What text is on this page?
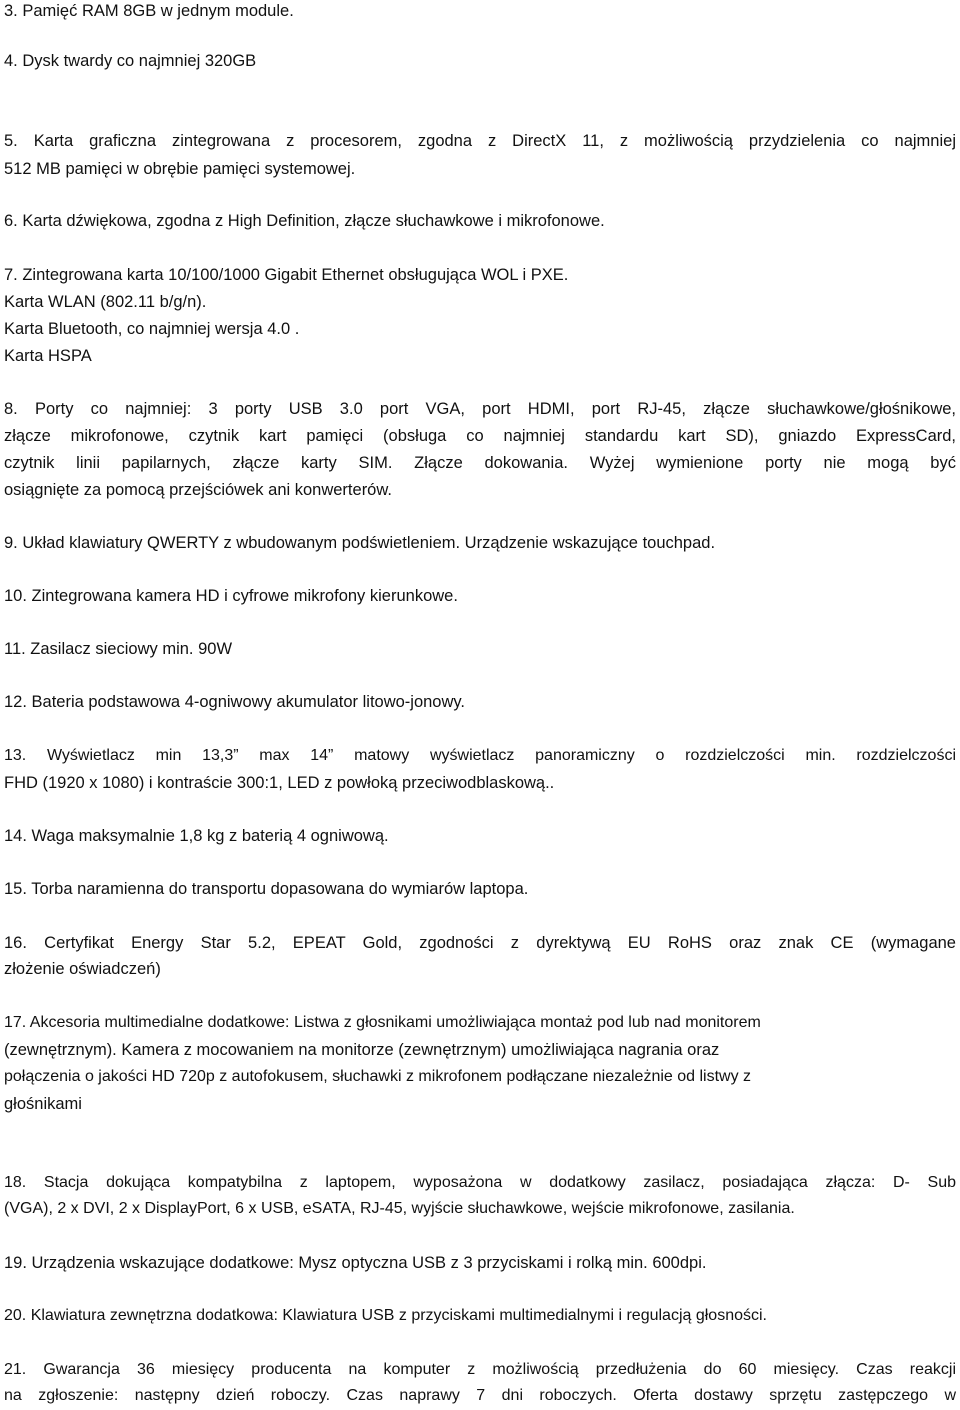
3. Pamięć RAM 8GB w jednym module.
4. Dysk twardy co najmniej 320GB
5. Karta graficzna zintegrowana z procesorem, zgodna z DirectX 11, z możliwością przydzielenia co najmniej
512 MB pamięci w obrębie pamięci systemowej.
6. Karta dźwiękowa, zgodna z High Definition, złącze słuchawkowe i mikrofonowe.
7. Zintegrowana karta 10/100/1000 Gigabit Ethernet obsługująca WOL i PXE.
Karta WLAN (802.11 b/g/n).
Karta Bluetooth, co najmniej wersja 4.0 .
Karta HSPA
8. Porty co najmniej: 3 porty USB 3.0 port VGA, port HDMI, port RJ-45, złącze słuchawkowe/głośnikowe,
złącze mikrofonowe, czytnik kart pamięci (obsługa co najmniej standardu kart SD), gniazdo ExpressCard,
czytnik linii papilarnych, złącze karty SIM. Złącze dokowania. Wyżej wymienione porty nie mogą być
osiągnięte za pomocą przejściówek ani konwerterów.
9. Układ klawiatury QWERTY z wbudowanym podświetleniem. Urządzenie wskazujące touchpad.
10. Zintegrowana kamera HD i cyfrowe mikrofony kierunkowe.
11. Zasilacz sieciowy min. 90W
12. Bateria podstawowa 4-ogniwowy akumulator litowo-jonowy.
13. Wyświetlacz min 13,3” max 14” matowy wyświetlacz panoramiczny o rozdzielczości min. rozdzielczości
FHD (1920 x 1080) i kontraście 300:1, LED z powłoką przeciwodblaskową..
14. Waga maksymalnie 1,8 kg z baterią 4 ogniwową.
15. Torba naramienna do transportu dopasowana do wymiarów laptopa.
16. Certyfikat Energy Star 5.2, EPEAT Gold, zgodności z dyrektywą EU RoHS oraz znak CE (wymagane
złożenie oświadczeń)
17. Akcesoria multimedialne dodatkowe: Listwa z głosnikami umożliwiająca montaż pod lub nad monitorem
(zewnętrznym). Kamera z mocowaniem na monitorze (zewnętrznym) umożliwiająca nagrania oraz
połączenia o jakości HD 720p z autofokusem, słuchawki z mikrofonem podłączane niezależnie od listwy z
głośnikami
18. Stacja dokująca kompatybilna z laptopem, wyposażona w dodatkowy zasilacz, posiadająca złącza: D- Sub
(VGA), 2 x DVI, 2 x DisplayPort, 6 x USB, eSATA, RJ-45, wyjście słuchawkowe, wejście mikrofonowe, zasilania.
19. Urządzenia wskazujące dodatkowe: Mysz optyczna USB z 3 przyciskami i rolką min. 600dpi.
20. Klawiatura zewnętrzna dodatkowa: Klawiatura USB z przyciskami multimedialnymi i regulacją głosności.
21. Gwarancja 36 miesięcy producenta na komputer z możliwością przedłużenia do 60 miesięcy. Czas reakcji
na zgłoszenie: następny dzień roboczy. Czas naprawy 7 dni roboczych. Oferta dostawy sprzętu zastępczego w
